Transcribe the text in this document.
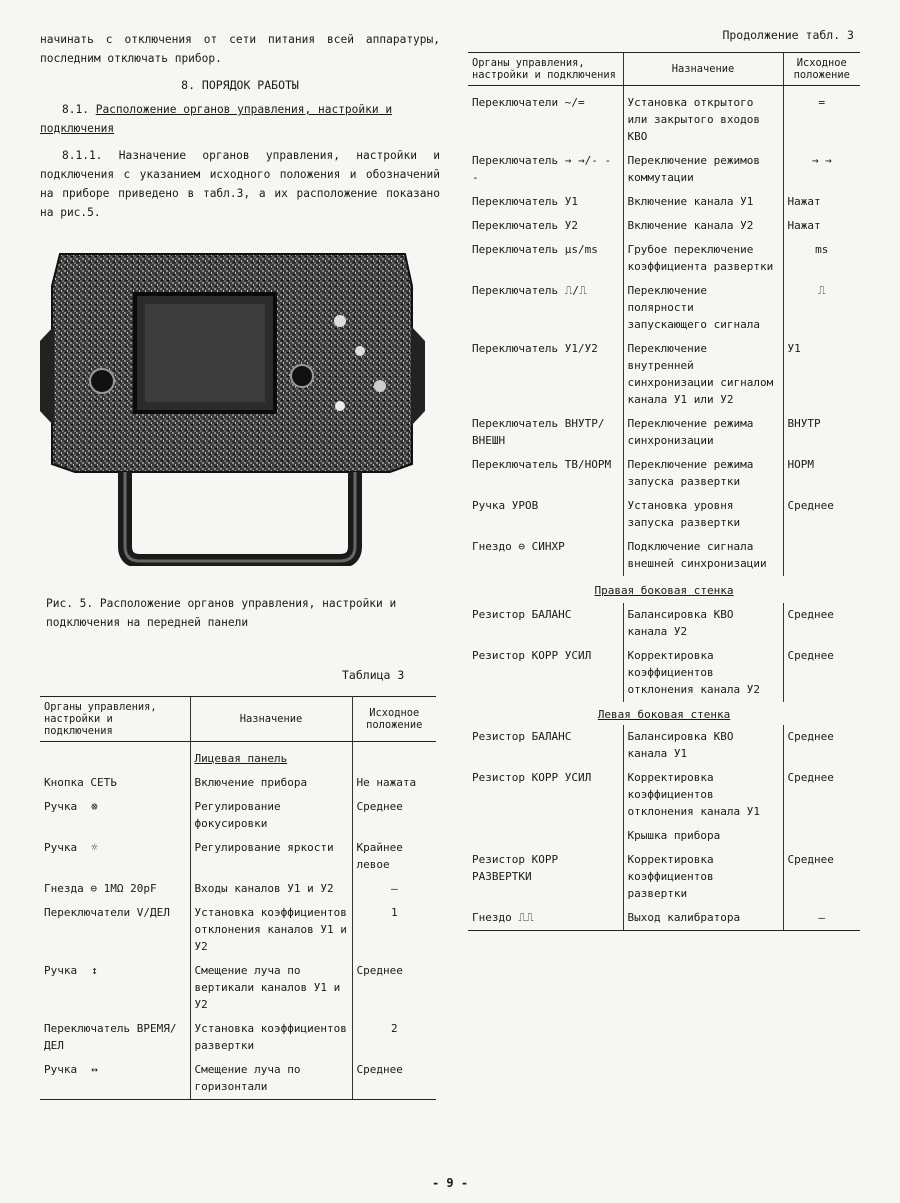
начинать с отключения от сети питания всей аппаратуры, последним отключать прибор.

8. ПОРЯДОК РАБОТЫ

8.1. Расположение органов управления, настройки и подключения

8.1.1. Назначение органов управления, настройки и подключения с указанием исходного положения и обозначений на приборе приведено в табл.3, а их расположение показано на рис.5.

Рис. 5. Расположение органов управления, настройки и подключения на передней панели

Таблица 3

Органы управления, настройки и подключения	Назначение	Исходное положение
	Лицевая панель	
Кнопка СЕТЬ	Включение прибора	Не нажата
Ручка ⊗	Регулирование фокусировки	Среднее
Ручка ☼	Регулирование яркости	Крайнее левое
Гнезда ⊖ 1MΩ 20pF	Входы каналов У1 и У2	–
Переключатели V/ДЕЛ	Установка коэффициентов отклонения каналов У1 и У2	1
Ручка ↕	Смещение луча по вертикали каналов У1 и У2	Среднее
Переключатель ВРЕМЯ/ДЕЛ	Установка коэффициентов развертки	2
Ручка ↔	Смещение луча по горизонтали	Среднее

Продолжение табл. 3

Органы управления, настройки и подключения	Назначение	Исходное положение
Переключатели ~/=	Установка открытого или закрытого входов КВО	=
Переключатель → →/- - -	Переключение режимов коммутации	→ →
Переключатель У1	Включение канала У1	Нажат
Переключатель У2	Включение канала У2	Нажат
Переключатель µs/ms	Грубое переключение коэффициента развертки	ms
Переключатель ⎍/⎍	Переключение полярности запускающего сигнала	⎍
Переключатель У1/У2	Переключение внутренней синхронизации сигналом канала У1 или У2	У1
Переключатель ВНУТР/ВНЕШН	Переключение режима синхронизации	ВНУТР
Переключатель ТВ/НОРМ	Переключение режима запуска развертки	НОРМ
Ручка УРОВ	Установка уровня запуска развертки	Среднее
Гнездо ⊖ СИНХР	Подключение сигнала внешней синхронизации	
Правая боковая стенка		
Резистор БАЛАНС	Балансировка КВО канала У2	Среднее
Резистор КОРР УСИЛ	Корректировка коэффициентов отклонения канала У2	Среднее
Левая боковая стенка		
Резистор БАЛАНС	Балансировка КВО канала У1	Среднее
Резистор КОРР УСИЛ	Корректировка коэффициентов отклонения канала У1	Среднее
	Крышка прибора	
Резистор КОРР РАЗВЕРТКИ	Корректировка коэффициентов развертки	Среднее
Гнездо ⎍⎍	Выход калибратора	–

- 9 -
